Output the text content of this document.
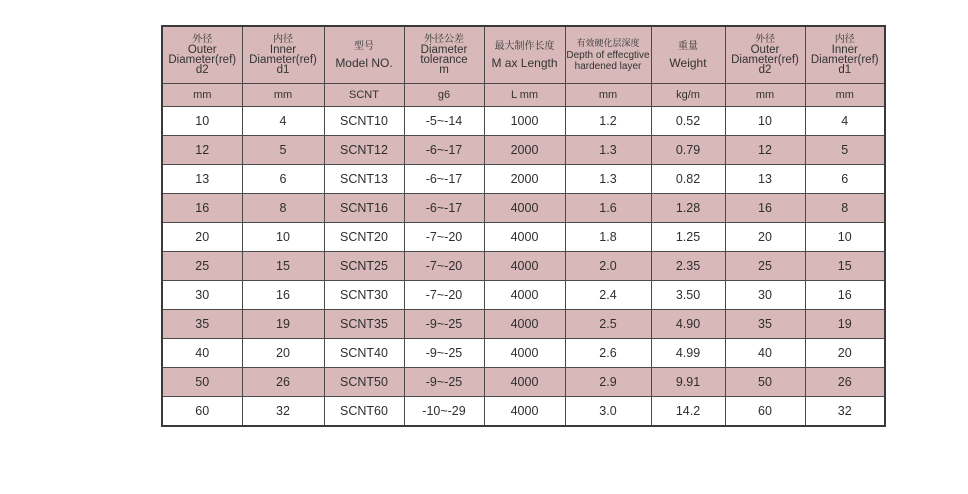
外径
Outer
Diameter(ref)
d2	内径
Inner
Diameter(ref)
d1	型号
Model NO.	外径公差
Diameter
tolerance
m	最大制作长度
M ax Length	有效硬化层深度
Depth of effecgtive
hardened layer	重量
Weight	外径
Outer
Diameter(ref)
d2	内径
Inner
Diameter(ref)
d1

mm	mm	SCNT	g6	L mm	mm	kg/m	mm	mm
10	4	SCNT10	-5~-14	1000	1.2	0.52	10	4
12	5	SCNT12	-6~-17	2000	1.3	0.79	12	5
13	6	SCNT13	-6~-17	2000	1.3	0.82	13	6
16	8	SCNT16	-6~-17	4000	1.6	1.28	16	8
20	10	SCNT20	-7~-20	4000	1.8	1.25	20	10
25	15	SCNT25	-7~-20	4000	2.0	2.35	25	15
30	16	SCNT30	-7~-20	4000	2.4	3.50	30	16
35	19	SCNT35	-9~-25	4000	2.5	4.90	35	19
40	20	SCNT40	-9~-25	4000	2.6	4.99	40	20
50	26	SCNT50	-9~-25	4000	2.9	9.91	50	26
60	32	SCNT60	-10~-29	4000	3.0	14.2	60	32
